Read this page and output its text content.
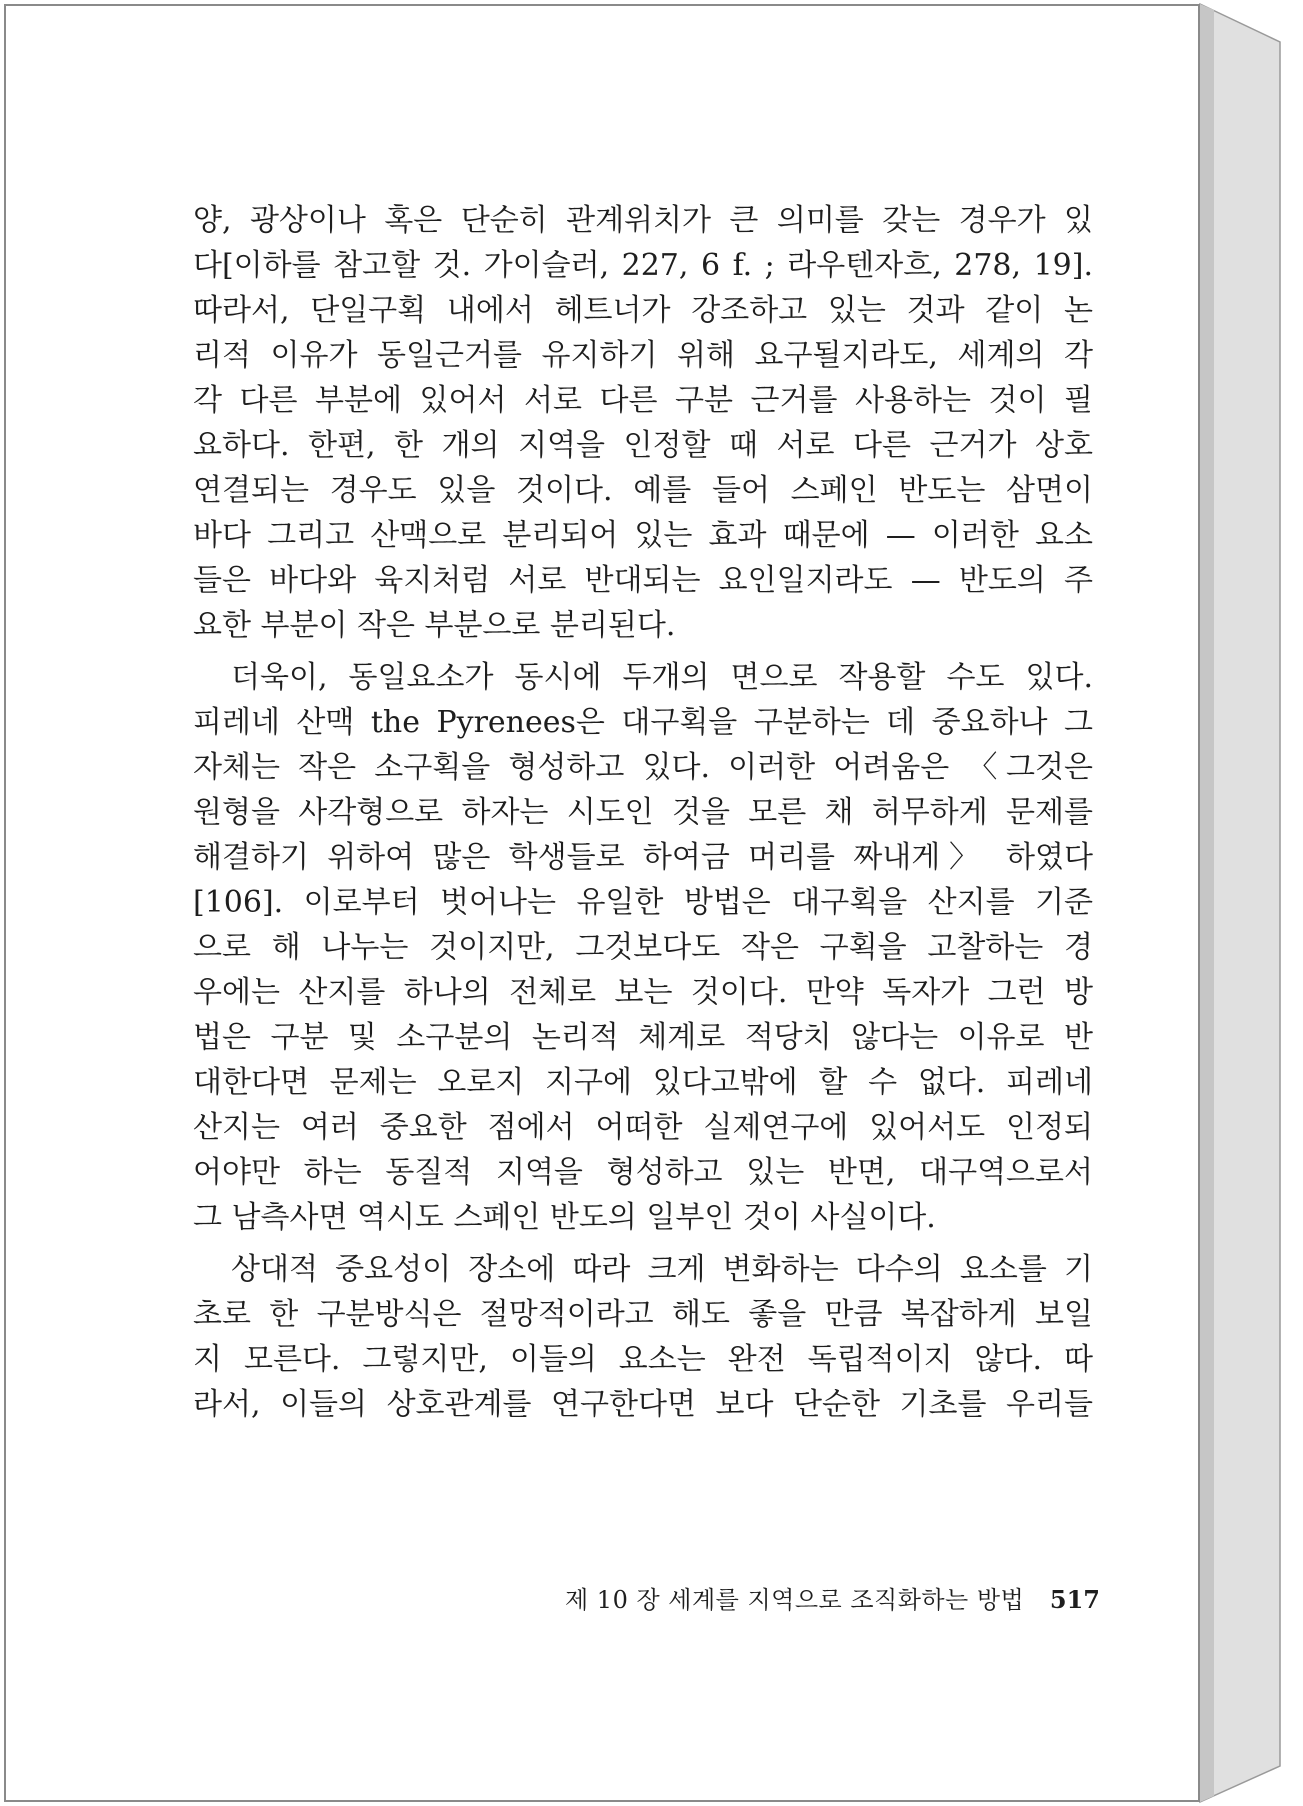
양, 광상이나 혹은 단순히 관계위치가 큰 의미를 갖는 경우가 있
다[이하를 참고할 것. 가이슬러, 227, 6 f. ; 라우텐자흐, 278, 19].
따라서, 단일구획 내에서 헤트너가 강조하고 있는 것과 같이 논
리적 이유가 동일근거를 유지하기 위해 요구될지라도, 세계의 각
각 다른 부분에 있어서 서로 다른 구분 근거를 사용하는 것이 필
요하다. 한편, 한 개의 지역을 인정할 때 서로 다른 근거가 상호
연결되는 경우도 있을 것이다. 예를 들어 스페인 반도는 삼면이
바다 그리고 산맥으로 분리되어 있는 효과 때문에 — 이러한 요소
들은 바다와 육지처럼 서로 반대되는 요인일지라도 — 반도의 주
요한 부분이 작은 부분으로 분리된다.
더욱이, 동일요소가 동시에 두개의 면으로 작용할 수도 있다.
피레네 산맥 the Pyrenees은 대구획을 구분하는 데 중요하나 그
자체는 작은 소구획을 형성하고 있다. 이러한 어려움은 〈그것은
원형을 사각형으로 하자는 시도인 것을 모른 채 허무하게 문제를
해결하기 위하여 많은 학생들로 하여금 머리를 짜내게〉 하였다
[106]. 이로부터 벗어나는 유일한 방법은 대구획을 산지를 기준
으로 해 나누는 것이지만, 그것보다도 작은 구획을 고찰하는 경
우에는 산지를 하나의 전체로 보는 것이다. 만약 독자가 그런 방
법은 구분 및 소구분의 논리적 체계로 적당치 않다는 이유로 반
대한다면 문제는 오로지 지구에 있다고밖에 할 수 없다. 피레네
산지는 여러 중요한 점에서 어떠한 실제연구에 있어서도 인정되
어야만 하는 동질적 지역을 형성하고 있는 반면, 대구역으로서
그 남측사면 역시도 스페인 반도의 일부인 것이 사실이다.
상대적 중요성이 장소에 따라 크게 변화하는 다수의 요소를 기
초로 한 구분방식은 절망적이라고 해도 좋을 만큼 복잡하게 보일
지 모른다. 그렇지만, 이들의 요소는 완전 독립적이지 않다. 따
라서, 이들의 상호관계를 연구한다면 보다 단순한 기초를 우리들
제 10 장 세계를 지역으로 조직화하는 방법 517
